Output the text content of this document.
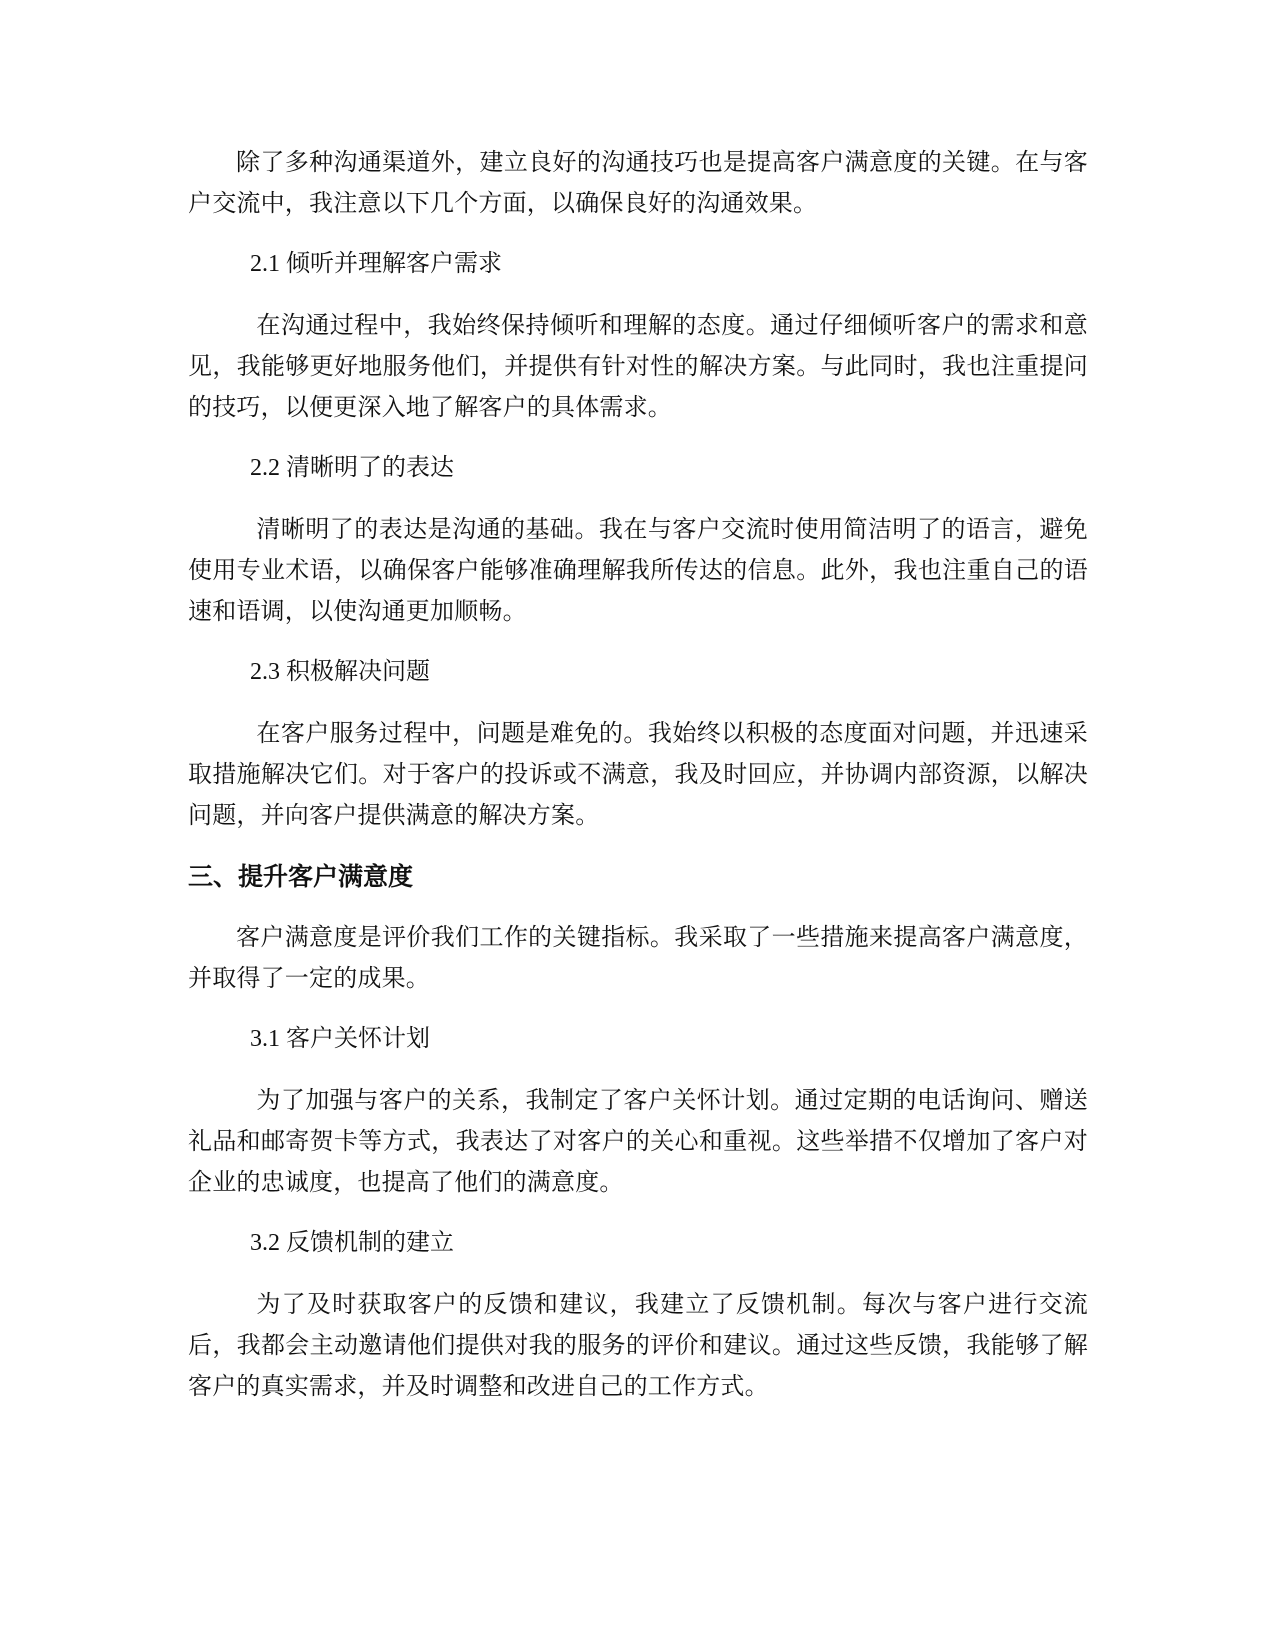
除了多种沟通渠道外，建立良好的沟通技巧也是提高客户满意度的关键。在与客户交流中，我注意以下几个方面，以确保良好的沟通效果。

2.1 倾听并理解客户需求

在沟通过程中，我始终保持倾听和理解的态度。通过仔细倾听客户的需求和意见，我能够更好地服务他们，并提供有针对性的解决方案。与此同时，我也注重提问的技巧，以便更深入地了解客户的具体需求。

2.2 清晰明了的表达

清晰明了的表达是沟通的基础。我在与客户交流时使用简洁明了的语言，避免使用专业术语，以确保客户能够准确理解我所传达的信息。此外，我也注重自己的语速和语调，以使沟通更加顺畅。

2.3 积极解决问题

在客户服务过程中，问题是难免的。我始终以积极的态度面对问题，并迅速采取措施解决它们。对于客户的投诉或不满意，我及时回应，并协调内部资源，以解决问题，并向客户提供满意的解决方案。

三、提升客户满意度

客户满意度是评价我们工作的关键指标。我采取了一些措施来提高客户满意度，并取得了一定的成果。

3.1 客户关怀计划

为了加强与客户的关系，我制定了客户关怀计划。通过定期的电话询问、赠送礼品和邮寄贺卡等方式，我表达了对客户的关心和重视。这些举措不仅增加了客户对企业的忠诚度，也提高了他们的满意度。

3.2 反馈机制的建立

为了及时获取客户的反馈和建议，我建立了反馈机制。每次与客户进行交流后，我都会主动邀请他们提供对我的服务的评价和建议。通过这些反馈，我能够了解客户的真实需求，并及时调整和改进自己的工作方式。
